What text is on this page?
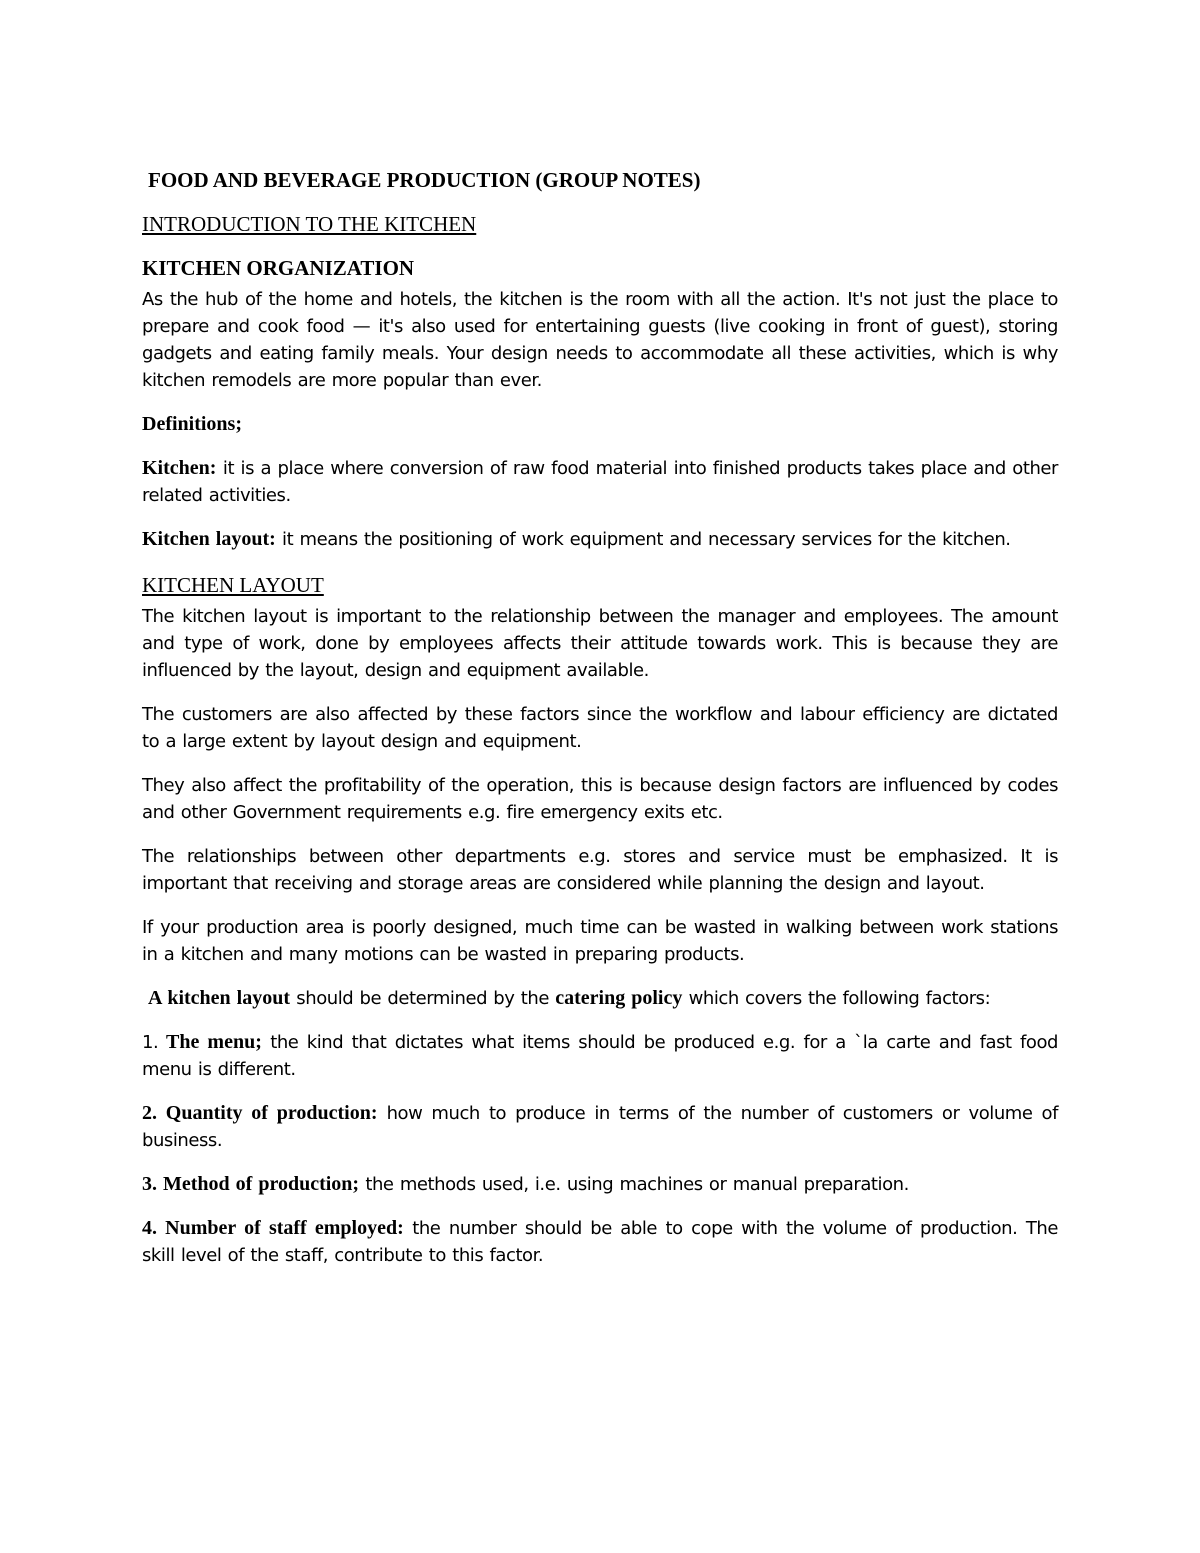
FOOD AND BEVERAGE PRODUCTION (GROUP NOTES)
INTRODUCTION TO THE KITCHEN
KITCHEN ORGANIZATION

As the hub of the home and hotels, the kitchen is the room with all the action. It's not just the place to prepare and cook food — it's also used for entertaining guests (live cooking in front of guest), storing gadgets and eating family meals. Your design needs to accommodate all these activities, which is why kitchen remodels are more popular than ever.

Definitions;

Kitchen: it is a place where conversion of raw food material into finished products takes place and other related activities.

Kitchen layout: it means the positioning of work equipment and necessary services for the kitchen.

KITCHEN LAYOUT

The kitchen layout is important to the relationship between the manager and employees. The amount and type of work, done by employees affects their attitude towards work. This is because they are influenced by the layout, design and equipment available.

The customers are also affected by these factors since the workflow and labour efficiency are dictated to a large extent by layout design and equipment.

They also affect the profitability of the operation, this is because design factors are influenced by codes and other Government requirements e.g. fire emergency exits etc.

The relationships between other departments e.g. stores and service must be emphasized. It is important that receiving and storage areas are considered while planning the design and layout.

If your production area is poorly designed, much time can be wasted in walking between work stations in a kitchen and many motions can be wasted in preparing products.

A kitchen layout should be determined by the catering policy which covers the following factors:

1. The menu; the kind that dictates what items should be produced e.g. for a `la carte and fast food menu is different.

2. Quantity of production: how much to produce in terms of the number of customers or volume of business.

3. Method of production; the methods used, i.e. using machines or manual preparation.

4. Number of staff employed: the number should be able to cope with the volume of production. The skill level of the staff, contribute to this factor.
